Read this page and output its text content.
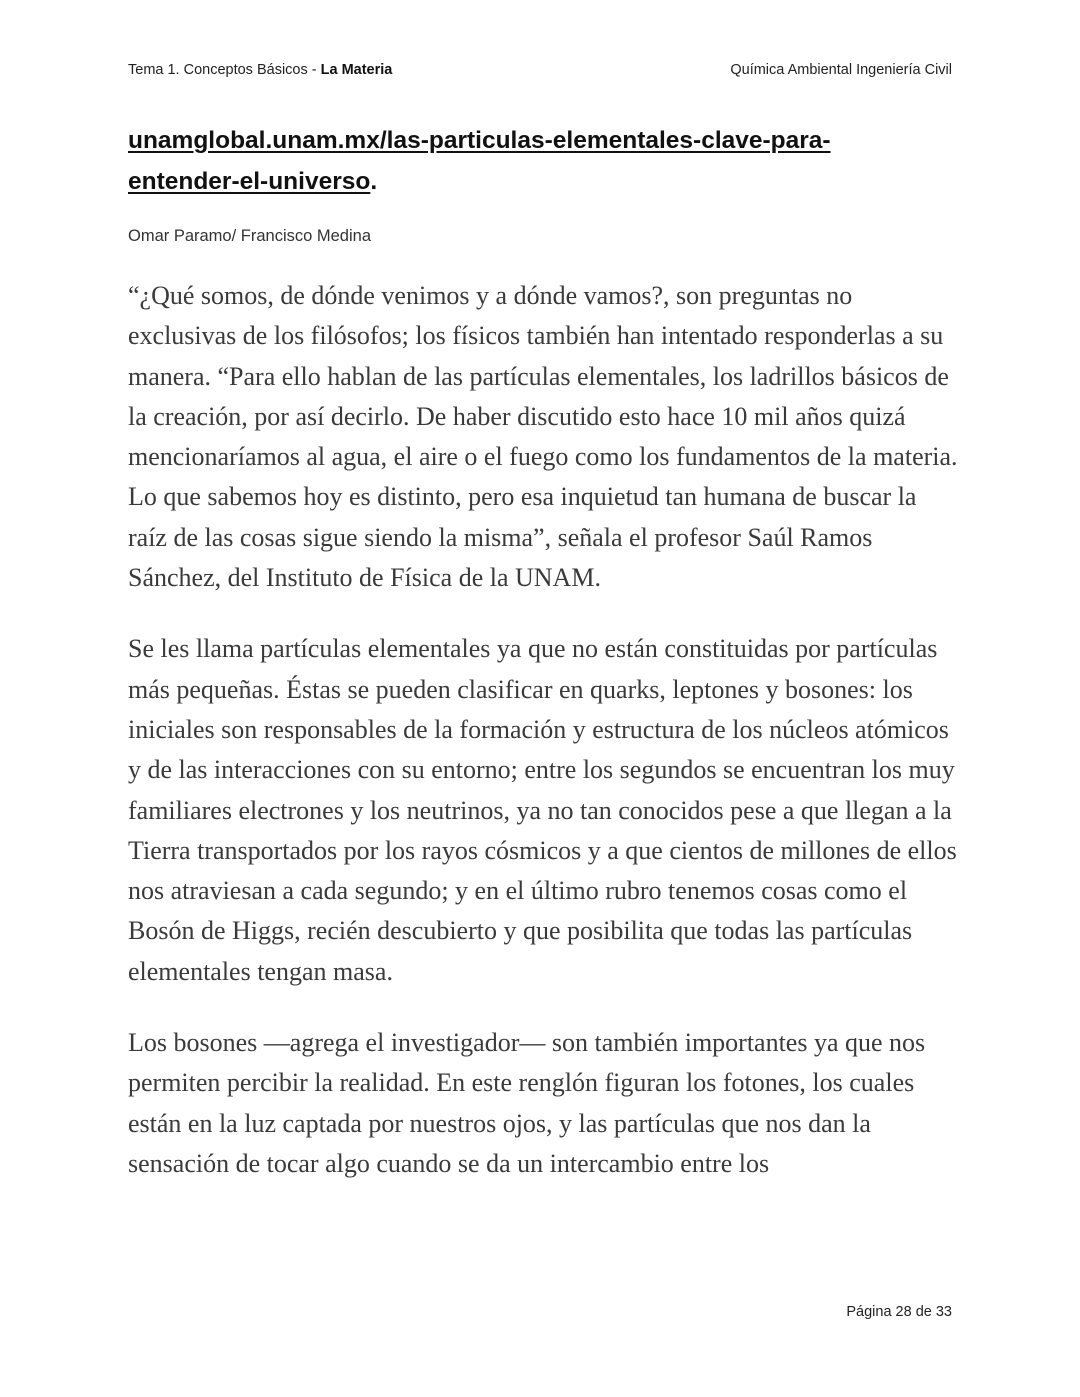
Tema 1. Conceptos Básicos - La Materia	Química Ambiental Ingeniería Civil
unamglobal.unam.mx/las-particulas-elementales-clave-para-entender-el-universo.
Omar Paramo/ Francisco Medina

“¿Qué somos, de dónde venimos y a dónde vamos?, son preguntas no exclusivas de los filósofos; los físicos también han intentado responderlas a su manera. “Para ello hablan de las partículas elementales, los ladrillos básicos de la creación, por así decirlo. De haber discutido esto hace 10 mil años quizá mencionaríamos al agua, el aire o el fuego como los fundamentos de la materia. Lo que sabemos hoy es distinto, pero esa inquietud tan humana de buscar la raíz de las cosas sigue siendo la misma”, señala el profesor Saúl Ramos Sánchez, del Instituto de Física de la UNAM.

Se les llama partículas elementales ya que no están constituidas por partículas más pequeñas. Éstas se pueden clasificar en quarks, leptones y bosones: los iniciales son responsables de la formación y estructura de los núcleos atómicos y de las interacciones con su entorno; entre los segundos se encuentran los muy familiares electrones y los neutrinos, ya no tan conocidos pese a que llegan a la Tierra transportados por los rayos cósmicos y a que cientos de millones de ellos nos atraviesan a cada segundo; y en el último rubro tenemos cosas como el Bosón de Higgs, recién descubierto y que posibilita que todas las partículas elementales tengan masa.

Los bosones —agrega el investigador— son también importantes ya que nos permiten percibir la realidad. En este renglón figuran los fotones, los cuales están en la luz captada por nuestros ojos, y las partículas que nos dan la sensación de tocar algo cuando se da un intercambio entre los

Página 28 de 33
